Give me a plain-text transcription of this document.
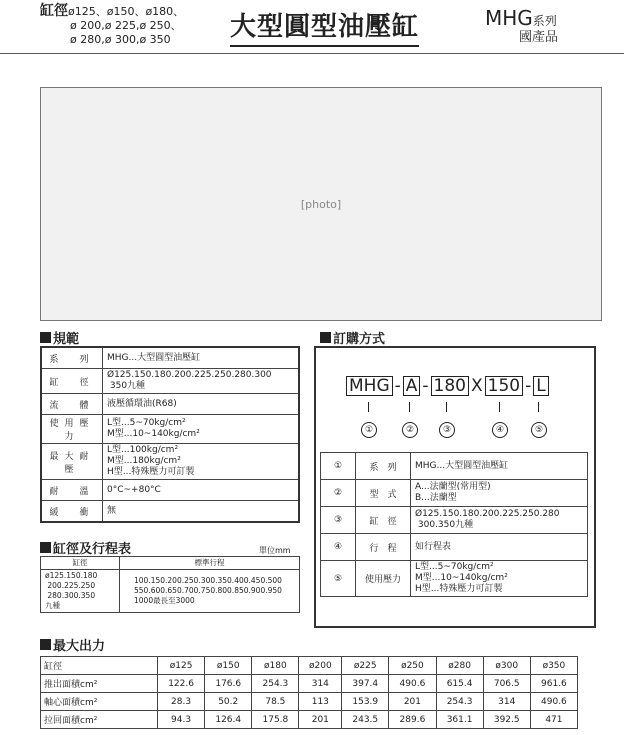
缸徑ø125、ø150、ø180、
ø 200,ø 225,ø 250、
ø 280,ø 300,ø 350	大型圓型油壓缸	MHG系列
國產品
[photo]
規範
系　列	MHG...大型圓型油壓缸
缸　徑	Ø125.150.180.200.225.250.280.300
350九種
流　體	液壓循環油(R68)
使用壓力	L型...5~70kg/cm²
M型...10~140kg/cm²
最大耐壓	L型...100kg/cm²
M型...180kg/cm²
H型...特殊壓力可訂製
耐　溫	0°C~+80°C
緩　衝	無
訂購方式
MHG - A - 180 X 150 - L
①	②	③	④	⑤
①	系　列	MHG...大型圓型油壓缸
②	型　式	A...法蘭型(常用型)
B...法蘭型
③	缸　徑	Ø125.150.180.200.225.250.280
300.350九種
④	行　程	如行程表
⑤	使用壓力	L型...5~70kg/cm²
M型...10~140kg/cm²
H型...特殊壓力可訂製
缸徑及行程表	單位mm
缸徑	標準行程
ø125.150.180
200.225.250
280.300.350
九種	100.150.200.250.300.350.400.450.500
550.600.650.700.750.800.850.900.950
1000最長至3000
最大出力
缸徑	ø125	ø150	ø180	ø200	ø225	ø250	ø280	ø300	ø350
推出面積cm²	122.6	176.6	254.3	314	397.4	490.6	615.4	706.5	961.6
軸心面積cm²	28.3	50.2	78.5	113	153.9	201	254.3	314	490.6
拉回面積cm²	94.3	126.4	175.8	201	243.5	289.6	361.1	392.5	471
